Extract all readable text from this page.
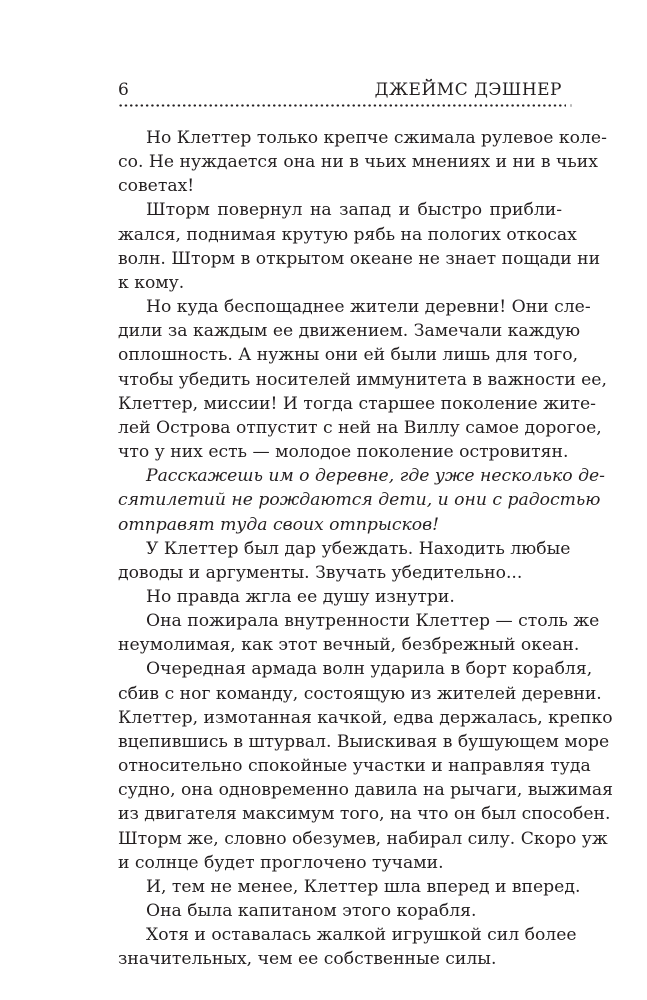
6	ДЖЕЙМС ДЭШНЕР

Но Клеттер только крепче сжимала рулевое коле-
со. Не нуждается она ни в чьих мнениях и ни в чьих
советах!

Шторм повернул на запад и быстро прибли-
жался, поднимая крутую рябь на пологих откосах
волн. Шторм в открытом океане не знает пощади ни
к кому.

Но куда беспощаднее жители деревни! Они сле-
дили за каждым ее движением. Замечали каждую
оплошность. А нужны они ей были лишь для того,
чтобы убедить носителей иммунитета в важности ее,
Клеттер, миссии! И тогда старшее поколение жите-
лей Острова отпустит с ней на Виллу самое дорогое,
что у них есть — молодое поколение островитян.

Расскажешь им о деревне, где уже несколько де-
сятилетий не рождаются дети, и они с радостью
отправят туда своих отпрысков!

У Клеттер был дар убеждать. Находить любые
доводы и аргументы. Звучать убедительно...

Но правда жгла ее душу изнутри.

Она пожирала внутренности Клеттер — столь же
неумолимая, как этот вечный, безбрежный океан.

Очередная армада волн ударила в борт корабля,
сбив с ног команду, состоящую из жителей деревни.
Клеттер, измотанная качкой, едва держалась, крепко
вцепившись в штурвал. Выискивая в бушующем море
относительно спокойные участки и направляя туда
судно, она одновременно давила на рычаги, выжимая
из двигателя максимум того, на что он был способен.
Шторм же, словно обезумев, набирал силу. Скоро уж
и солнце будет проглочено тучами.

И, тем не менее, Клеттер шла вперед и вперед.

Она была капитаном этого корабля.

Хотя и оставалась жалкой игрушкой сил более
значительных, чем ее собственные силы.
